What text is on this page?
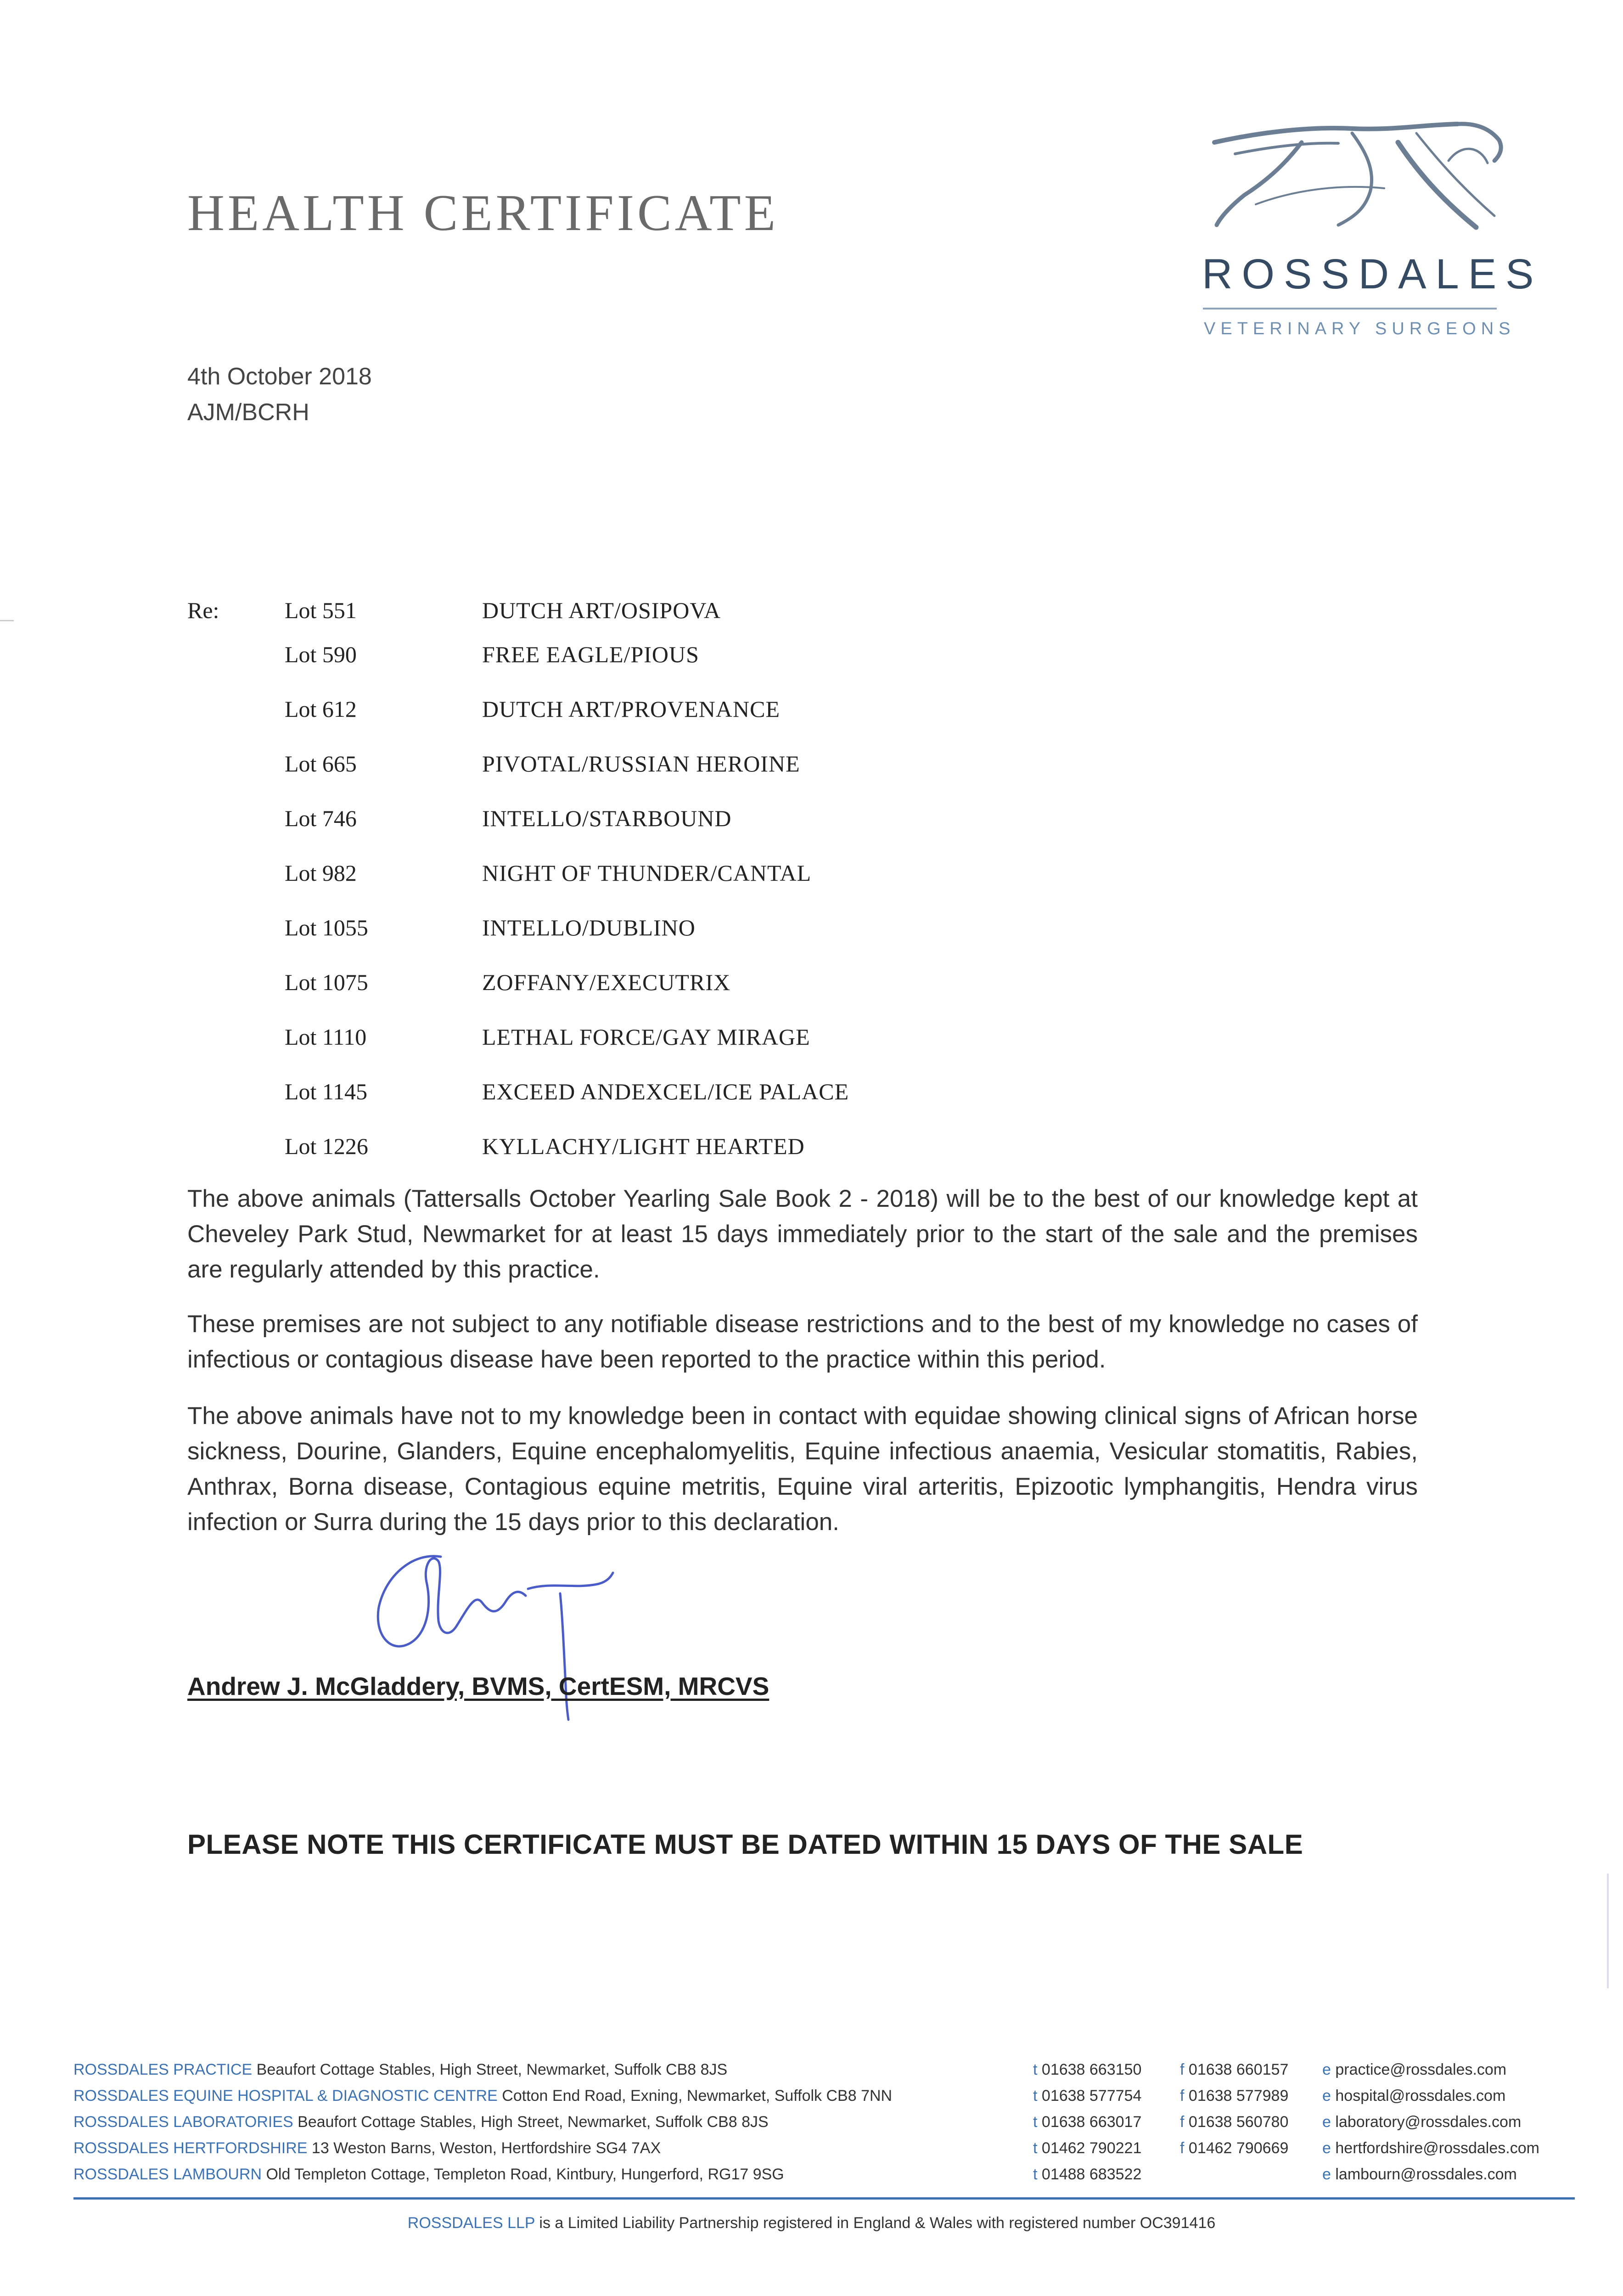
HEALTH CERTIFICATE
ROSSDALES
VETERINARY SURGEONS
4th October 2018
AJM/BCRH
Re:	Lot 551	DUTCH ART/OSIPOVA
Lot 590	FREE EAGLE/PIOUS
Lot 612	DUTCH ART/PROVENANCE
Lot 665	PIVOTAL/RUSSIAN HEROINE
Lot 746	INTELLO/STARBOUND
Lot 982	NIGHT OF THUNDER/CANTAL
Lot 1055	INTELLO/DUBLINO
Lot 1075	ZOFFANY/EXECUTRIX
Lot 1110	LETHAL FORCE/GAY MIRAGE
Lot 1145	EXCEED ANDEXCEL/ICE PALACE
Lot 1226	KYLLACHY/LIGHT HEARTED
The above animals (Tattersalls October Yearling Sale Book 2 - 2018) will be to the best of our knowledge kept at Cheveley Park Stud, Newmarket for at least 15 days immediately prior to the start of the sale and the premises are regularly attended by this practice.
These premises are not subject to any notifiable disease restrictions and to the best of my knowledge no cases of infectious or contagious disease have been reported to the practice within this period.
The above animals have not to my knowledge been in contact with equidae showing clinical signs of African horse sickness, Dourine, Glanders, Equine encephalomyelitis, Equine infectious anaemia, Vesicular stomatitis, Rabies, Anthrax, Borna disease, Contagious equine metritis, Equine viral arteritis, Epizootic lymphangitis, Hendra virus infection or Surra during the 15 days prior to this declaration.
Andrew J. McGladdery, BVMS, CertESM, MRCVS
PLEASE NOTE THIS CERTIFICATE MUST BE DATED WITHIN 15 DAYS OF THE SALE
ROSSDALES PRACTICE Beaufort Cottage Stables, High Street, Newmarket, Suffolk CB8 8JS	t 01638 663150 f 01638 660157 e practice@rossdales.com
ROSSDALES EQUINE HOSPITAL & DIAGNOSTIC CENTRE Cotton End Road, Exning, Newmarket, Suffolk CB8 7NN	t 01638 577754 f 01638 577989 e hospital@rossdales.com
ROSSDALES LABORATORIES Beaufort Cottage Stables, High Street, Newmarket, Suffolk CB8 8JS	t 01638 663017 f 01638 560780 e laboratory@rossdales.com
ROSSDALES HERTFORDSHIRE 13 Weston Barns, Weston, Hertfordshire SG4 7AX	t 01462 790221 f 01462 790669 e hertfordshire@rossdales.com
ROSSDALES LAMBOURN Old Templeton Cottage, Templeton Road, Kintbury, Hungerford, RG17 9SG	t 01488 683522	e lambourn@rossdales.com
ROSSDALES LLP is a Limited Liability Partnership registered in England & Wales with registered number OC391416
